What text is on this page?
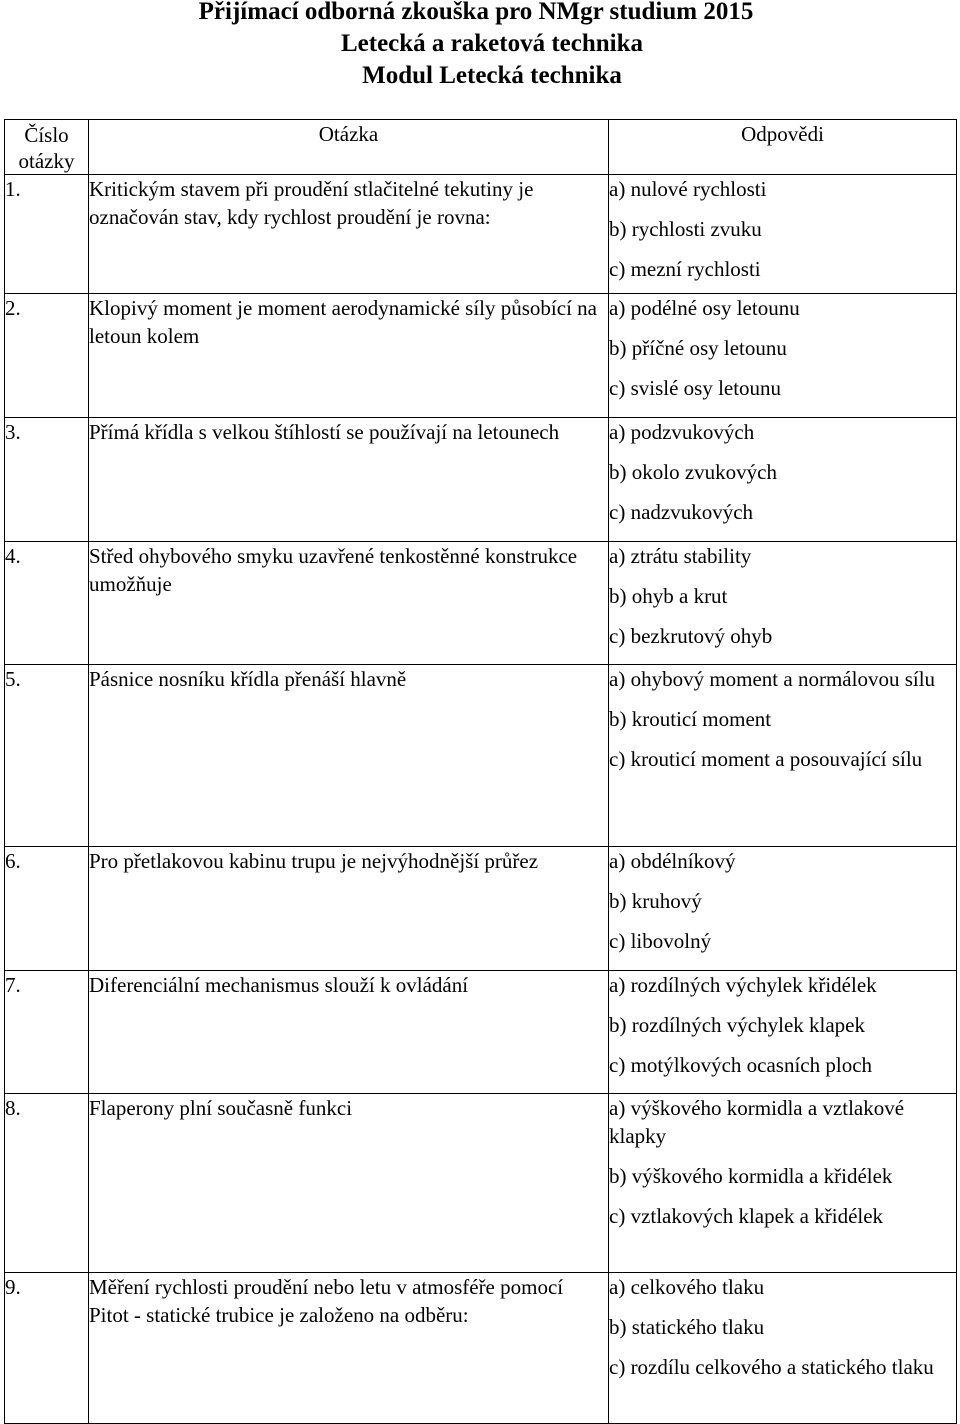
Přijímací odborná zkouška pro NMgr studium 2015
Letecká a raketová technika
Modul Letecká technika
Číslo otázky	Otázka	Odpovědi

1.	Kritickým stavem při proudění stlačitelné tekutiny je označován stav, kdy rychlost proudění je rovna:	a) nulové rychlosti
b) rychlosti zvuku
c) mezní rychlosti

2.	Klopivý moment je moment aerodynamické síly působící na letoun kolem	a) podélné osy letounu
b) příčné osy letounu
c) svislé osy letounu

3.	Přímá křídla s velkou štíhlostí se používají na letounech	a) podzvukových
b) okolo zvukových
c) nadzvukových

4.	Střed ohybového smyku uzavřené tenkostěnné konstrukce umožňuje	a) ztrátu stability
b) ohyb a krut
c) bezkrutový ohyb

5.	Pásnice nosníku křídla přenáší hlavně	a) ohybový moment a normálovou sílu
b) krouticí moment
c) krouticí moment a posouvající sílu

6.	Pro přetlakovou kabinu trupu je nejvýhodnější průřez	a) obdélníkový
b) kruhový
c) libovolný

7.	Diferenciální mechanismus slouží k ovládání	a) rozdílných výchylek křidélek
b) rozdílných výchylek klapek
c) motýlkových ocasních ploch

8.	Flaperony plní současně funkci	a) výškového kormidla a vztlakové klapky
b) výškového kormidla a křidélek
c) vztlakových klapek a křidélek

9.	Měření rychlosti proudění nebo letu v atmosféře pomocí Pitot - statické trubice je založeno na odběru:	a) celkového tlaku
b) statického tlaku
c) rozdílu celkového a statického tlaku
